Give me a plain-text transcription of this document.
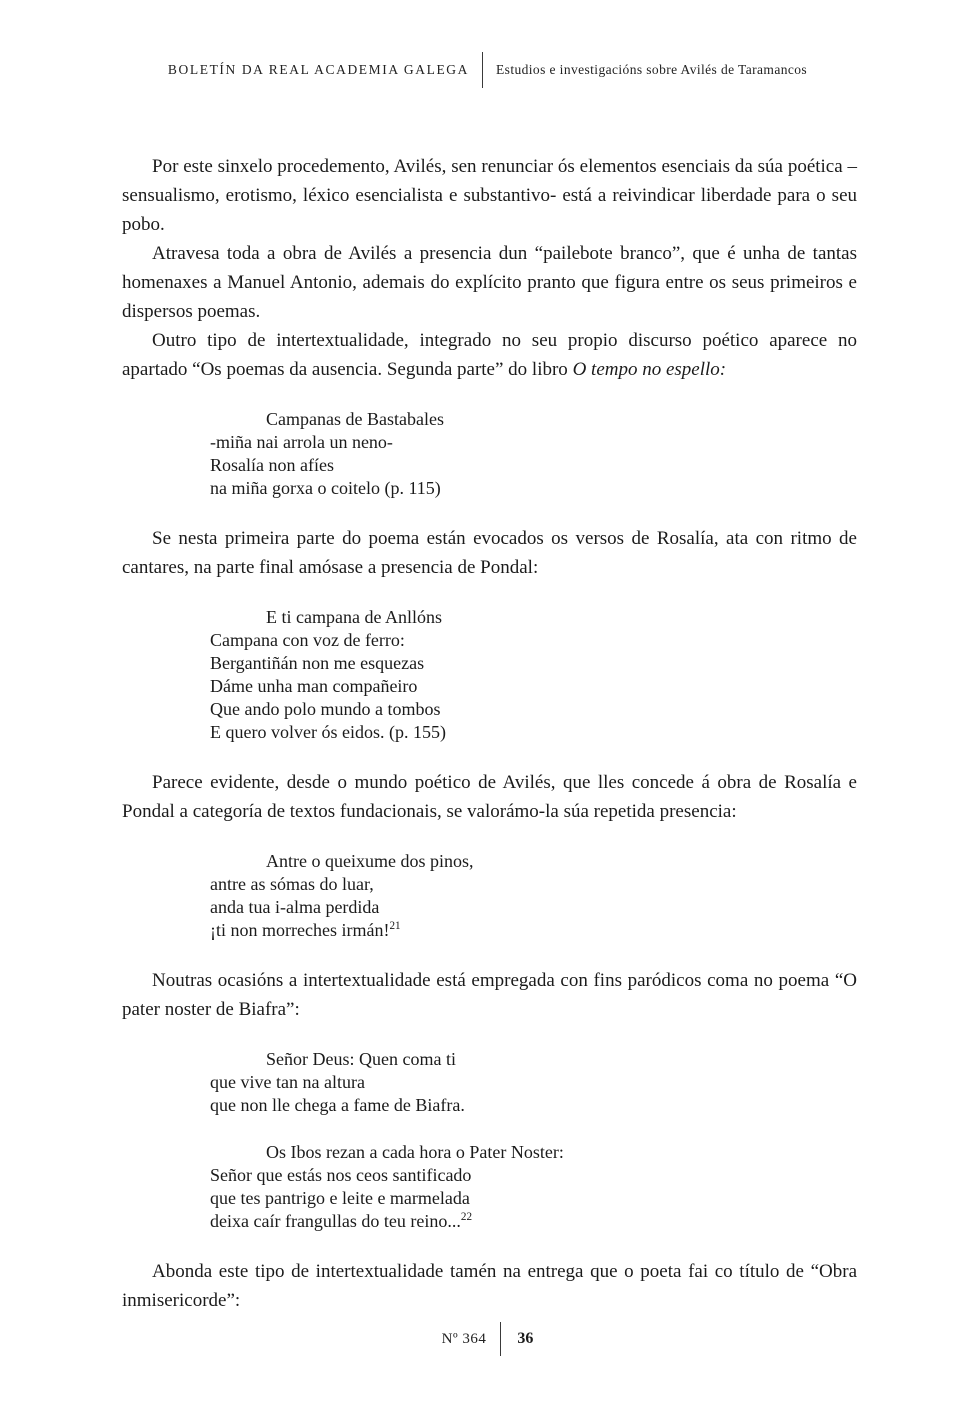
BOLETÍN DA REAL ACADEMIA GALEGA	Estudios e investigacións sobre Avilés de Taramancos

Por este sinxelo procedemento, Avilés, sen renunciar ós elementos esenciais da súa poética –sensualismo, erotismo, léxico esencialista e substantivo- está a reivindicar liberdade para o seu pobo.

Atravesa toda a obra de Avilés a presencia dun “pailebote branco”, que é unha de tantas homenaxes a Manuel Antonio, ademais do explícito pranto que figura entre os seus primeiros e dispersos poemas.

Outro tipo de intertextualidade, integrado no seu propio discurso poético aparece no apartado “Os poemas da ausencia. Segunda parte” do libro O tempo no espello:

Campanas de Bastabales
-miña nai arrola un neno-
Rosalía non afíes
na miña gorxa o coitelo (p. 115)

Se nesta primeira parte do poema están evocados os versos de Rosalía, ata con ritmo de cantares, na parte final amósase a presencia de Pondal:

E ti campana de Anllóns
Campana con voz de ferro:
Bergantiñán non me esquezas
Dáme unha man compañeiro
Que ando polo mundo a tombos
E quero volver ós eidos. (p. 155)

Parece evidente, desde o mundo poético de Avilés, que lles concede á obra de Rosalía e Pondal a categoría de textos fundacionais, se valorámo-la súa repetida presencia:

Antre o queixume dos pinos,
antre as sómas do luar,
anda tua i-alma perdida
¡ti non morreches irmán!$^{21}$

Noutras ocasións a intertextualidade está empregada con fins paródicos coma no poema “O pater noster de Biafra”:

Señor Deus: Quen coma ti
que vive tan na altura
que non lle chega a fame de Biafra.
Os Ibos rezan a cada hora o Pater Noster:
Señor que estás nos ceos santificado
que tes pantrigo e leite e marmelada
deixa caír frangullas do teu reino...$^{22}$

Abonda este tipo de intertextualidade tamén na entrega que o poeta fai co título de “Obra inmisericorde”:

Nº 364	36
